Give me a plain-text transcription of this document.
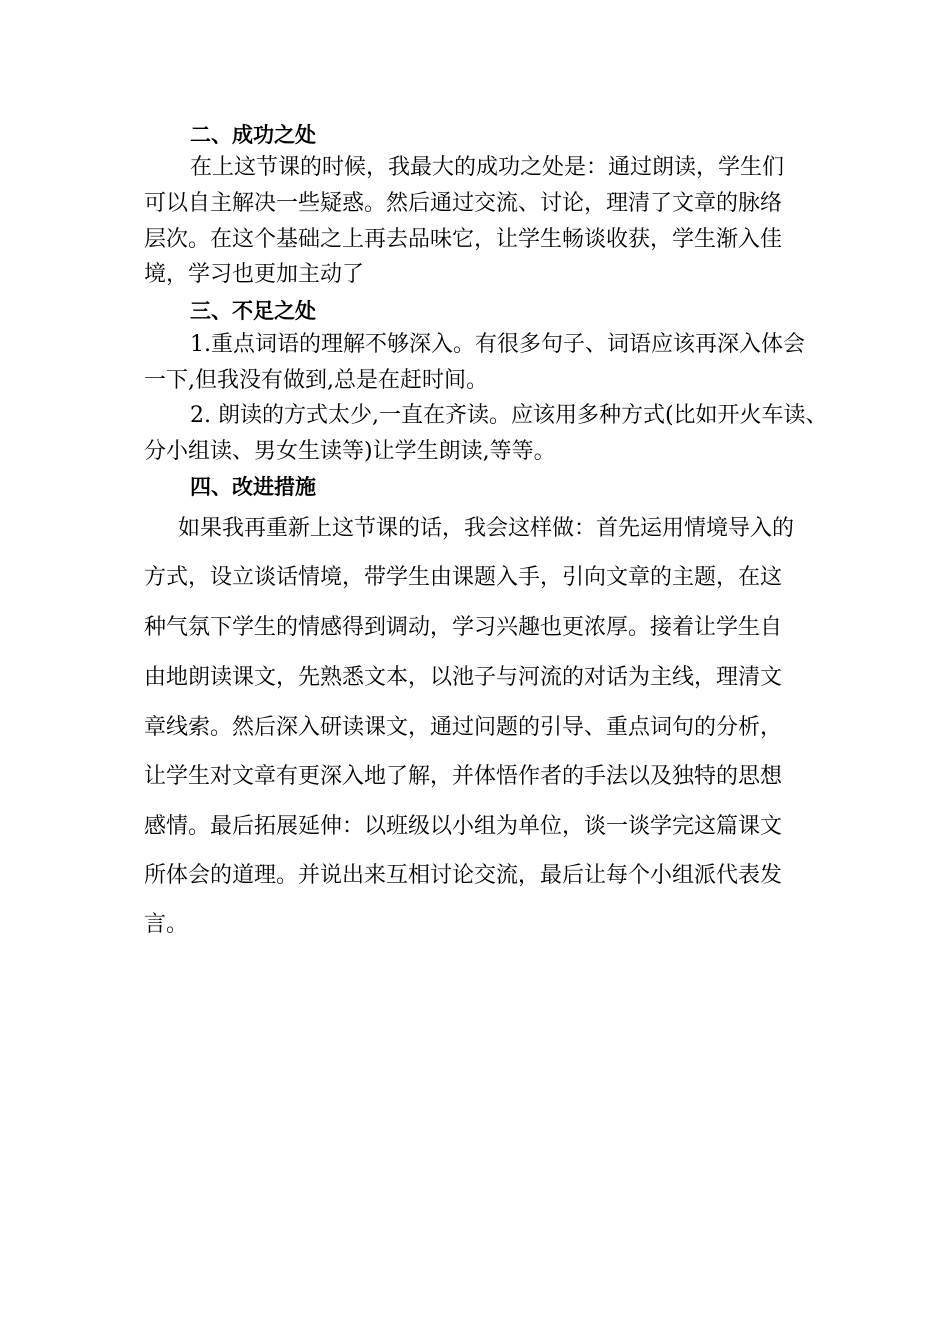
二、成功之处

在上这节课的时候，我最大的成功之处是：通过朗读，学生们

可以自主解决一些疑惑。然后通过交流、讨论，理清了文章的脉络

层次。在这个基础之上再去品味它，让学生畅谈收获，学生渐入佳

境，学习也更加主动了

三、不足之处

1.重点词语的理解不够深入。有很多句子、词语应该再深入体会

一下,但我没有做到,总是在赶时间。

2. 朗读的方式太少,一直在齐读。应该用多种方式(比如开火车读、

分小组读、男女生读等)让学生朗读,等等。

四、改进措施

如果我再重新上这节课的话，我会这样做：首先运用情境导入的

方式，设立谈话情境，带学生由课题入手，引向文章的主题，在这

种气氛下学生的情感得到调动，学习兴趣也更浓厚。接着让学生自

由地朗读课文，先熟悉文本，以池子与河流的对话为主线，理清文

章线索。然后深入研读课文，通过问题的引导、重点词句的分析，

让学生对文章有更深入地了解，并体悟作者的手法以及独特的思想

感情。最后拓展延伸：以班级以小组为单位，谈一谈学完这篇课文

所体会的道理。并说出来互相讨论交流，最后让每个小组派代表发

言。
